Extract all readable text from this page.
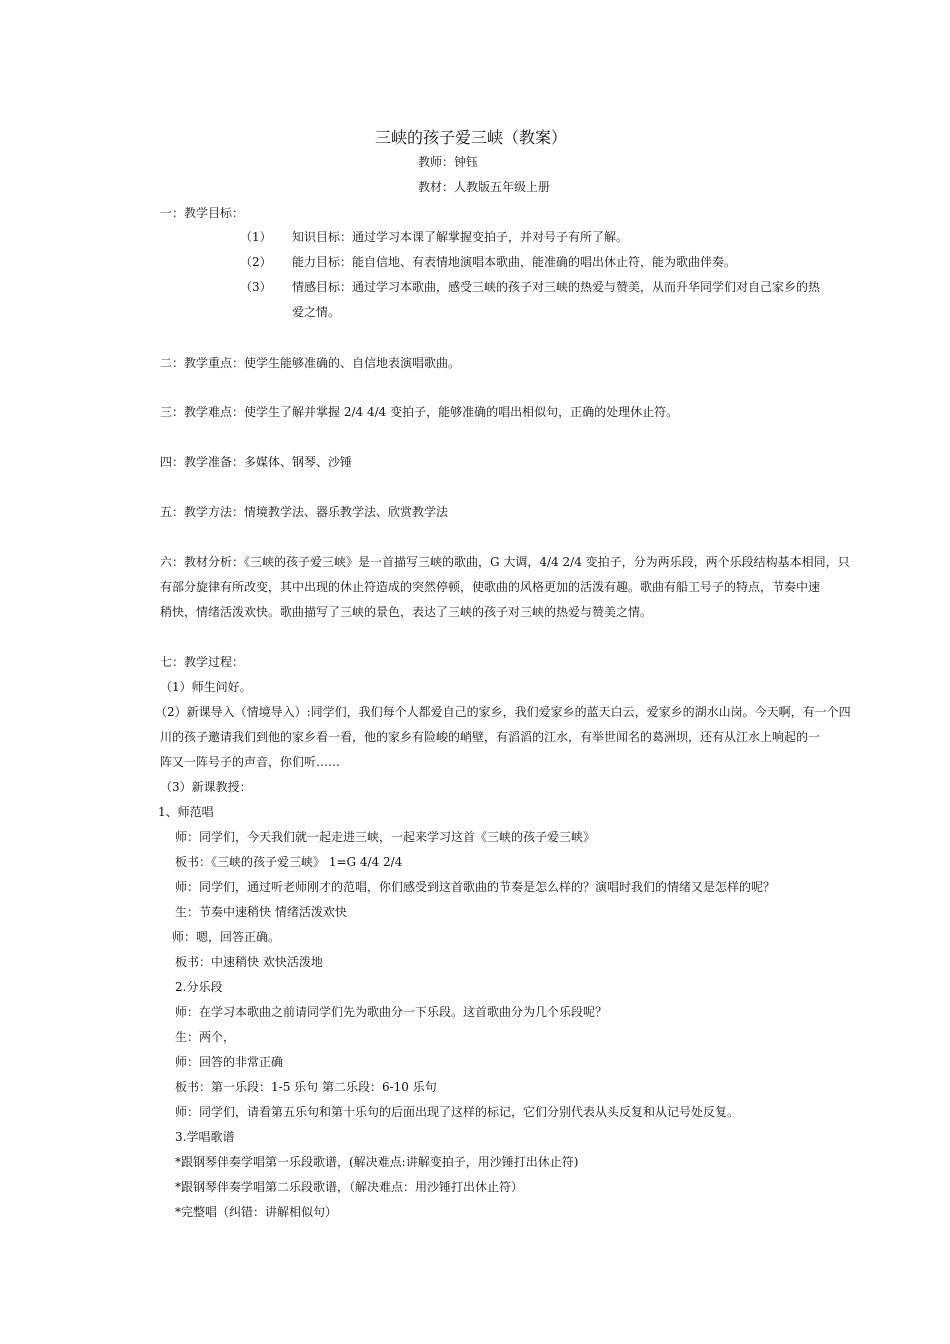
三峡的孩子爱三峡（教案）
教师：钟钰
教材：人教版五年级上册
一：教学目标：
（1） 知识目标：通过学习本课了解掌握变拍子，并对号子有所了解。
（2） 能力目标：能自信地、有表情地演唱本歌曲，能准确的唱出休止符，能为歌曲伴奏。
（3） 情感目标：通过学习本歌曲，感受三峡的孩子对三峡的热爱与赞美，从而升华同学们对自己家乡的热
爱之情。
二：教学重点：使学生能够准确的、自信地表演唱歌曲。
三：教学难点：使学生了解并掌握 2/4 4/4 变拍子，能够准确的唱出相似句，正确的处理休止符。
四：教学准备：多媒体、钢琴、沙锤
五：教学方法：情境教学法、器乐教学法、欣赏教学法
六：教材分析：《三峡的孩子爱三峡》是一首描写三峡的歌曲，G 大调，4/4 2/4 变拍子，分为两乐段，两个乐段结构基本相同，只
有部分旋律有所改变，其中出现的休止符造成的突然停顿，使歌曲的风格更加的活泼有趣。歌曲有船工号子的特点，节奏中速
稍快，情绪活泼欢快。歌曲描写了三峡的景色，表达了三峡的孩子对三峡的热爱与赞美之情。
七：教学过程：
（1）师生问好。
（2）新课导入（情境导入）:同学们，我们每个人都爱自己的家乡，我们爱家乡的蓝天白云，爱家乡的湖水山岗。今天啊，有一个四
川的孩子邀请我们到他的家乡看一看，他的家乡有险峻的峭壁，有滔滔的江水，有举世闻名的葛洲坝，还有从江水上响起的一
阵又一阵号子的声音，你们听……
（3）新课教授：
1、师范唱
师：同学们，今天我们就一起走进三峡，一起来学习这首《三峡的孩子爱三峡》
板书：《三峡的孩子爱三峡》 1=G 4/4 2/4
师：同学们，通过听老师刚才的范唱，你们感受到这首歌曲的节奏是怎么样的？演唱时我们的情绪又是怎样的呢？
生：节奏中速稍快 情绪活泼欢快
师：嗯，回答正确。
板书：中速稍快 欢快活泼地
2.分乐段
师：在学习本歌曲之前请同学们先为歌曲分一下乐段。这首歌曲分为几个乐段呢？
生：两个，
师：回答的非常正确
板书：第一乐段：1-5 乐句 第二乐段：6-10 乐句
师：同学们，请看第五乐句和第十乐句的后面出现了这样的标记，它们分别代表从头反复和从记号处反复。
3.学唱歌谱
*跟钢琴伴奏学唱第一乐段歌谱，(解决难点:讲解变拍子，用沙锤打出休止符)
*跟钢琴伴奏学唱第二乐段歌谱，（解决难点：用沙锤打出休止符）
*完整唱（纠错：讲解相似句）
